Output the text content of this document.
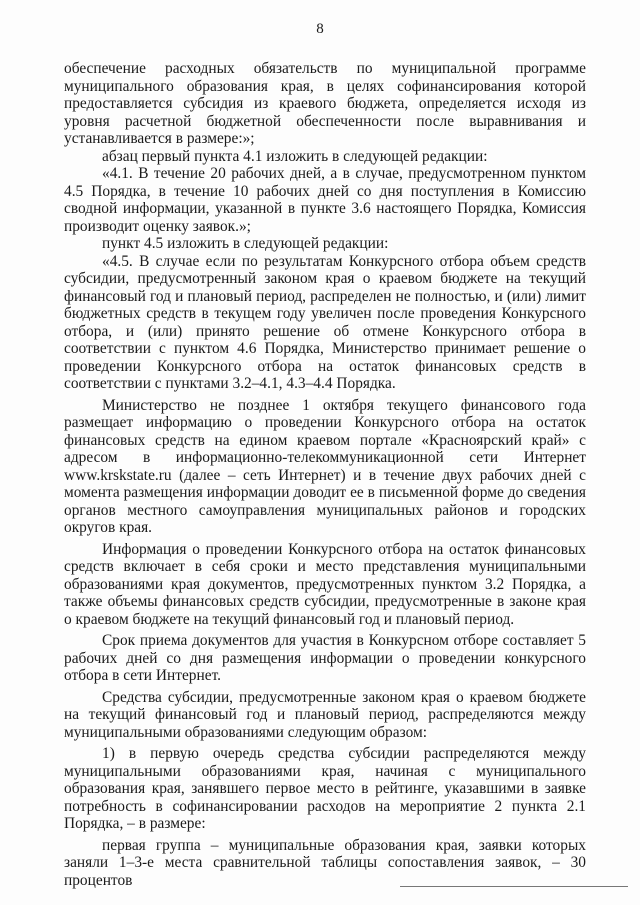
8

обеспечение расходных обязательств по муниципальной программе муниципального образования края, в целях софинансирования которой предоставляется субсидия из краевого бюджета, определяется исходя из уровня расчетной бюджетной обеспеченности после выравнивания и устанавливается в размере:»;

абзац первый пункта 4.1 изложить в следующей редакции:

«4.1. В течение 20 рабочих дней, а в случае, предусмотренном пунктом 4.5 Порядка, в течение 10 рабочих дней со дня поступления в Комиссию сводной информации, указанной в пункте 3.6 настоящего Порядка, Комиссия производит оценку заявок.»;

пункт 4.5 изложить в следующей редакции:

«4.5. В случае если по результатам Конкурсного отбора объем средств субсидии, предусмотренный законом края о краевом бюджете на текущий финансовый год и плановый период, распределен не полностью, и (или) лимит бюджетных средств в текущем году увеличен после проведения Конкурсного отбора, и (или) принято решение об отмене Конкурсного отбора в соответствии с пунктом 4.6 Порядка, Министерство принимает решение о проведении Конкурсного отбора на остаток финансовых средств в соответствии с пунктами 3.2–4.1, 4.3–4.4 Порядка.

Министерство не позднее 1 октября текущего финансового года размещает информацию о проведении Конкурсного отбора на остаток финансовых средств на едином краевом портале «Красноярский край» с адресом в информационно-телекоммуникационной сети Интернет www.krskstate.ru (далее – сеть Интернет) и в течение двух рабочих дней с момента размещения информации доводит ее в письменной форме до сведения органов местного самоуправления муниципальных районов и городских округов края.

Информация о проведении Конкурсного отбора на остаток финансовых средств включает в себя сроки и место представления муниципальными образованиями края документов, предусмотренных пунктом 3.2 Порядка, а также объемы финансовых средств субсидии, предусмотренные в законе края о краевом бюджете на текущий финансовый год и плановый период.

Срок приема документов для участия в Конкурсном отборе составляет 5 рабочих дней со дня размещения информации о проведении конкурсного отбора в сети Интернет.

Средства субсидии, предусмотренные законом края о краевом бюджете на текущий финансовый год и плановый период, распределяются между муниципальными образованиями следующим образом:

1) в первую очередь средства субсидии распределяются между муниципальными образованиями края, начиная с муниципального образования края, занявшего первое место в рейтинге, указавшими в заявке потребность в софинансировании расходов на мероприятие 2 пункта 2.1 Порядка, – в размере:

первая группа – муниципальные образования края, заявки которых заняли 1–3-е места сравнительной таблицы сопоставления заявок, – 30 процентов
